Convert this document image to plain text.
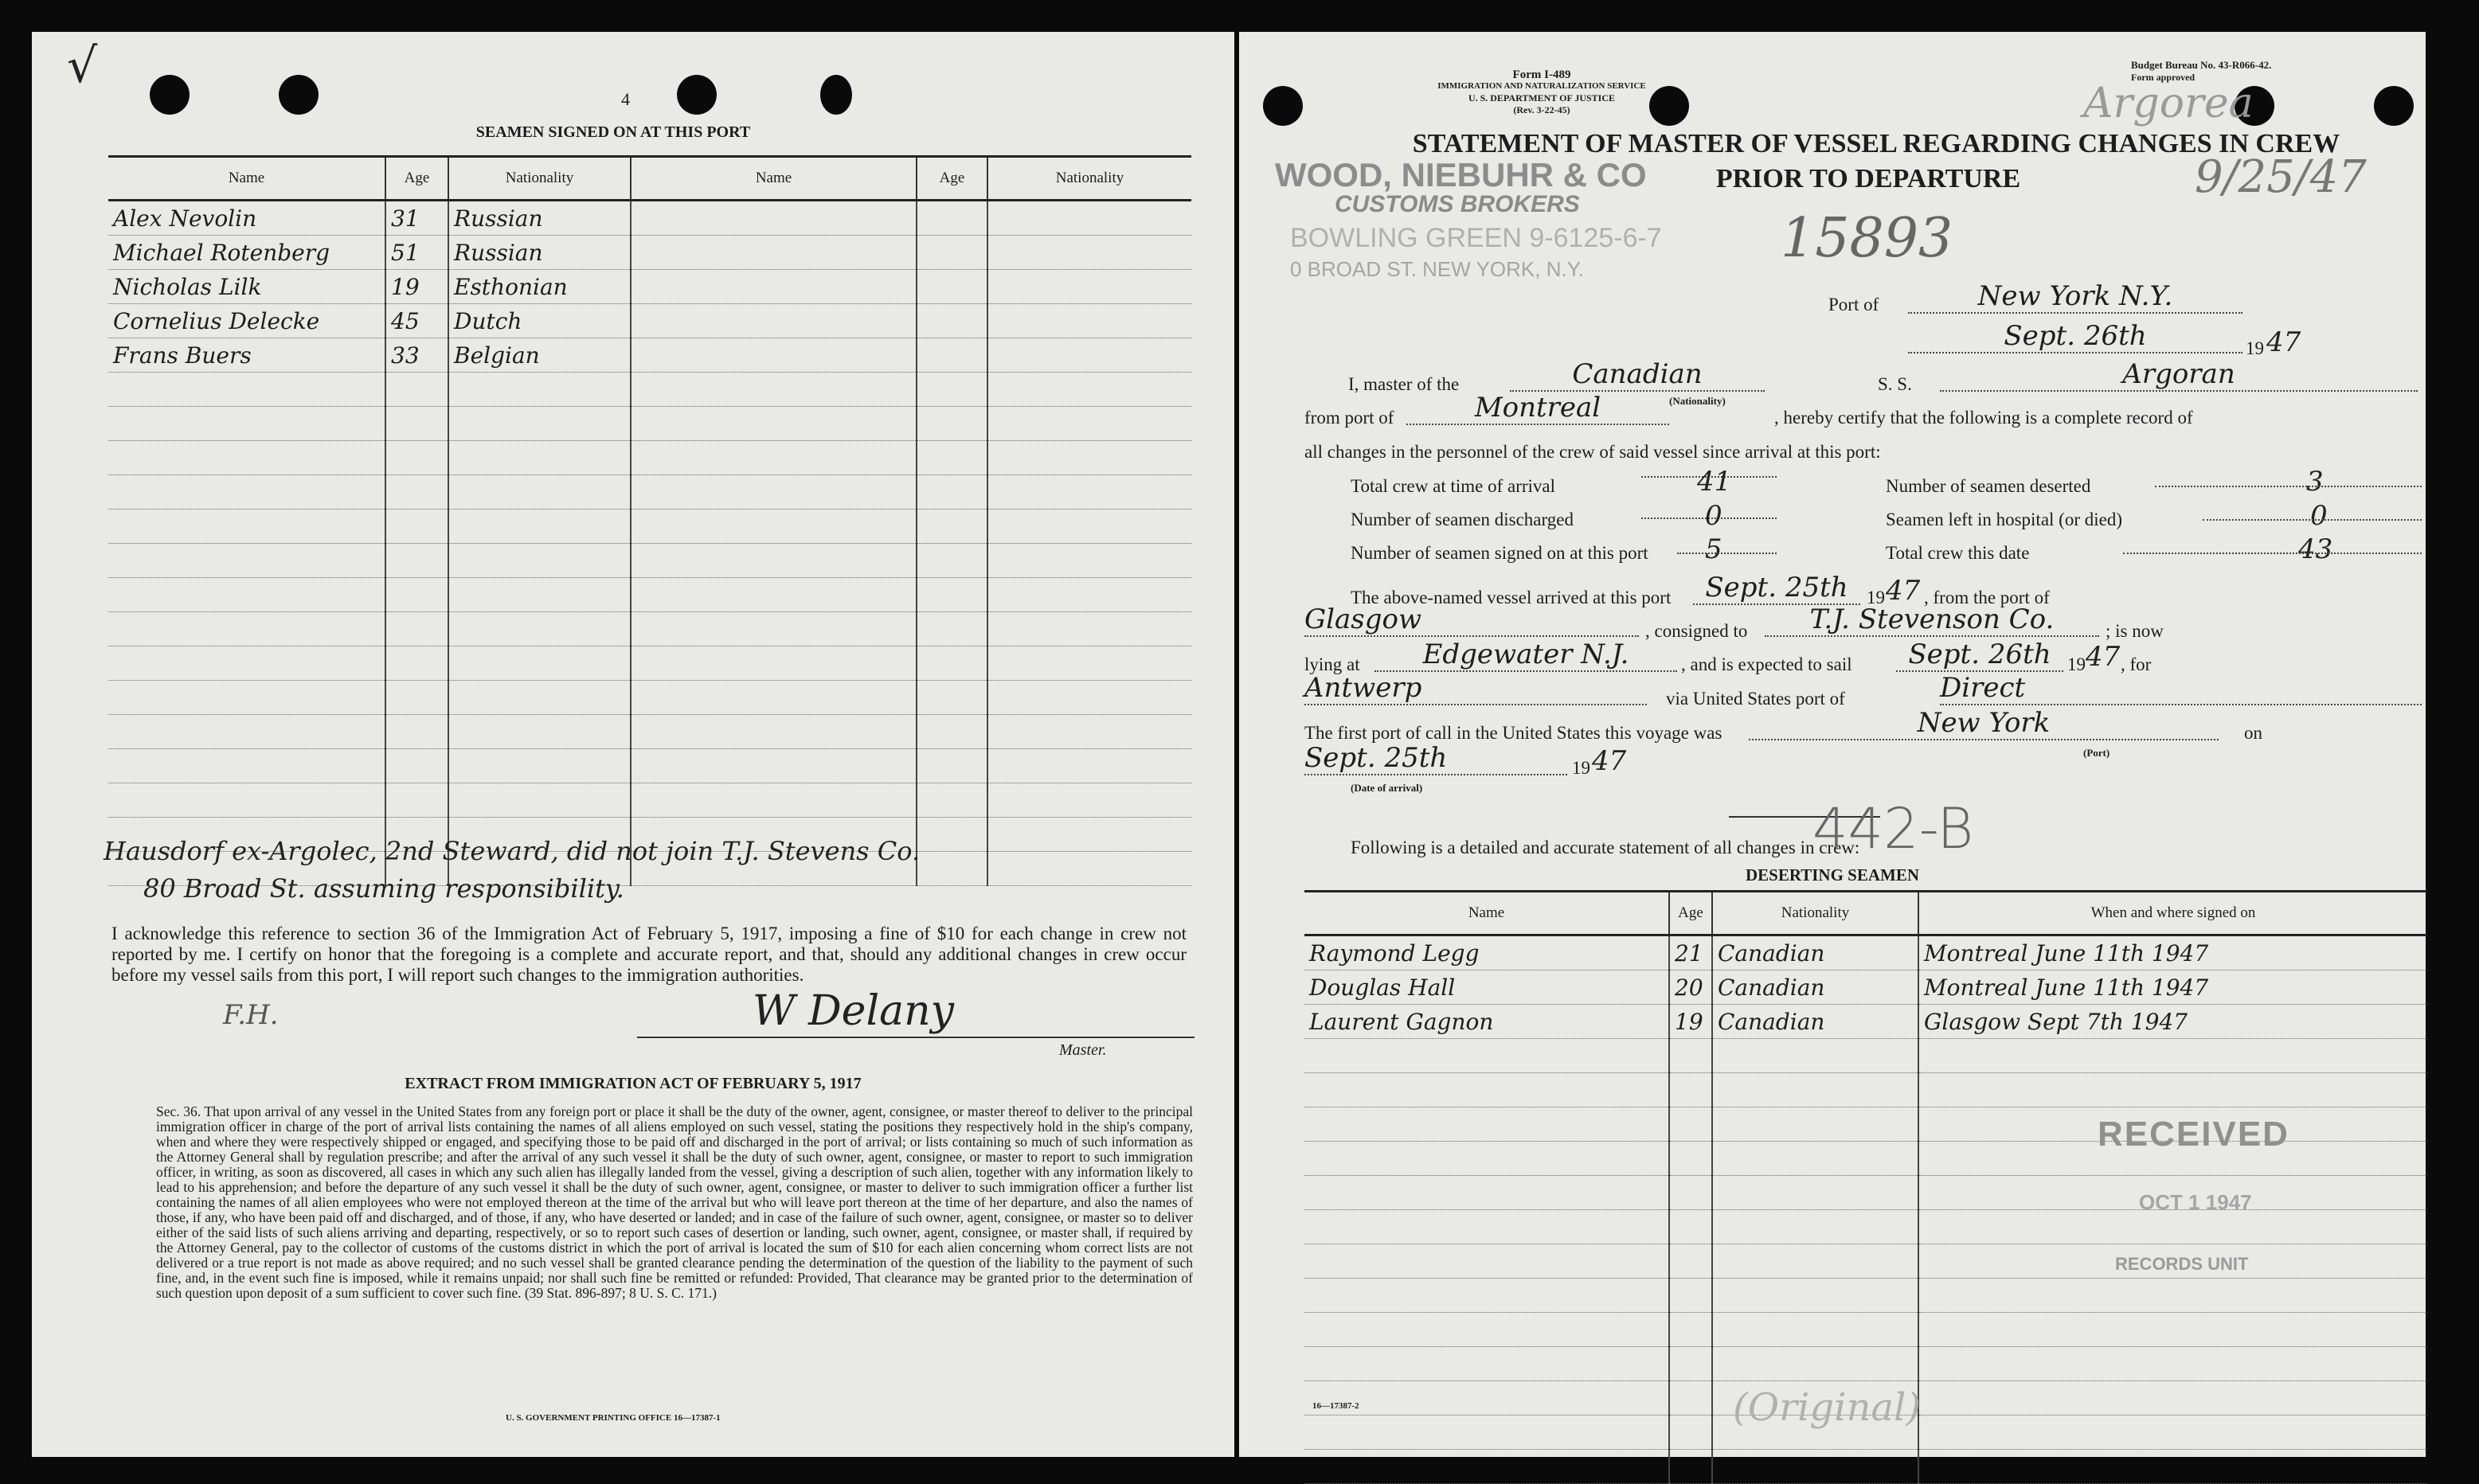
√
4
SEAMEN SIGNED ON AT THIS PORT
Name	Age	Nationality	Name	Age	Nationality
Alex Nevolin	31	Russian			
Michael Rotenberg	51	Russian			
Nicholas Lilk	19	Esthonian			
Cornelius Delecke	45	Dutch			
Frans Buers	33	Belgian			

Hausdorf ex-Argolec, 2nd Steward, did not join T.J. Stevens Co.
80 Broad St. assuming responsibility.
I acknowledge this reference to section 36 of the Immigration Act of February 5, 1917, imposing a fine of $10 for each change in crew not reported by me. I certify on honor that the foregoing is a complete and accurate report, and that, should any additional changes in crew occur before my vessel sails from this port, I will report such changes to the immigration authorities.
W Delany
Master.
F.H.
EXTRACT FROM IMMIGRATION ACT OF FEBRUARY 5, 1917
Sec. 36. That upon arrival of any vessel in the United States from any foreign port or place it shall be the duty of the owner, agent, consignee, or master thereof to deliver to the principal immigration officer in charge of the port of arrival lists containing the names of all aliens employed on such vessel, stating the positions they respectively hold in the ship's company, when and where they were respectively shipped or engaged, and specifying those to be paid off and discharged in the port of arrival; or lists containing so much of such information as the Attorney General shall by regulation prescribe; and after the arrival of any such vessel it shall be the duty of such owner, agent, consignee, or master to report to such immigration officer, in writing, as soon as discovered, all cases in which any such alien has illegally landed from the vessel, giving a description of such alien, together with any information likely to lead to his apprehension; and before the departure of any such vessel it shall be the duty of such owner, agent, consignee, or master to deliver to such immigration officer a further list containing the names of all alien employees who were not employed thereon at the time of the arrival but who will leave port thereon at the time of her departure, and also the names of those, if any, who have been paid off and discharged, and of those, if any, who have deserted or landed; and in case of the failure of such owner, agent, consignee, or master so to deliver either of the said lists of such aliens arriving and departing, respectively, or so to report such cases of desertion or landing, such owner, agent, consignee, or master shall, if required by the Attorney General, pay to the collector of customs of the customs district in which the port of arrival is located the sum of $10 for each alien concerning whom correct lists are not delivered or a true report is not made as above required; and no such vessel shall be granted clearance pending the determination of the question of the liability to the payment of such fine, and, in the event such fine is imposed, while it remains unpaid; nor shall such fine be remitted or refunded: Provided, That clearance may be granted prior to the determination of such question upon deposit of a sum sufficient to cover such fine. (39 Stat. 896-897; 8 U. S. C. 171.)
U. S. GOVERNMENT PRINTING OFFICE 16—17387-1
Form I-489
IMMIGRATION AND NATURALIZATION SERVICE
U. S. DEPARTMENT OF JUSTICE
(Rev. 3-22-45)
Budget Bureau No. 43-R066-42.
Form approved
STATEMENT OF MASTER OF VESSEL REGARDING CHANGES IN CREW
PRIOR TO DEPARTURE
WOOD, NIEBUHR & CO
CUSTOMS BROKERS
BOWLING GREEN 9-6125-6-7
0 BROAD ST. NEW YORK, N.Y.
Argorea
9/25/47
15893
Port of	New York N.Y.
Sept. 26th	19 47
I, master of the	Canadian
(Nationality)
S. S.	Argoran
from port of	Montreal	, hereby certify that the following is a complete record of
all changes in the personnel of the crew of said vessel since arrival at this port:
Total crew at time of arrival	41
Number of seamen discharged	0
Number of seamen signed on at this port 5
Number of seamen deserted	3
Seamen left in hospital (or died)	0
Total crew this date	43
The above-named vessel arrived at this port	Sept. 25th	19 47 , from the port of
Glasgow	, consigned to	T.J. Stevenson Co.	; is now
lying at	Edgewater N.J.	, and is expected to sail	Sept. 26th 19 47 , for
Antwerp	via United States port of	Direct
The first port of call in the United States this voyage was	New York
(Port)
on
Sept. 25th	19 47
(Date of arrival)
Following is a detailed and accurate statement of all changes in crew:
442-B
DESERTING SEAMEN
Name	Age	Nationality	When and where signed on
Raymond Legg	21	Canadian	Montreal June 11th 1947
Douglas Hall	20	Canadian	Montreal June 11th 1947
Laurent Gagnon	19	Canadian	Glasgow Sept 7th 1947

RECEIVED
OCT 1 1947
RECORDS UNIT
16—17387-2	(Original)
